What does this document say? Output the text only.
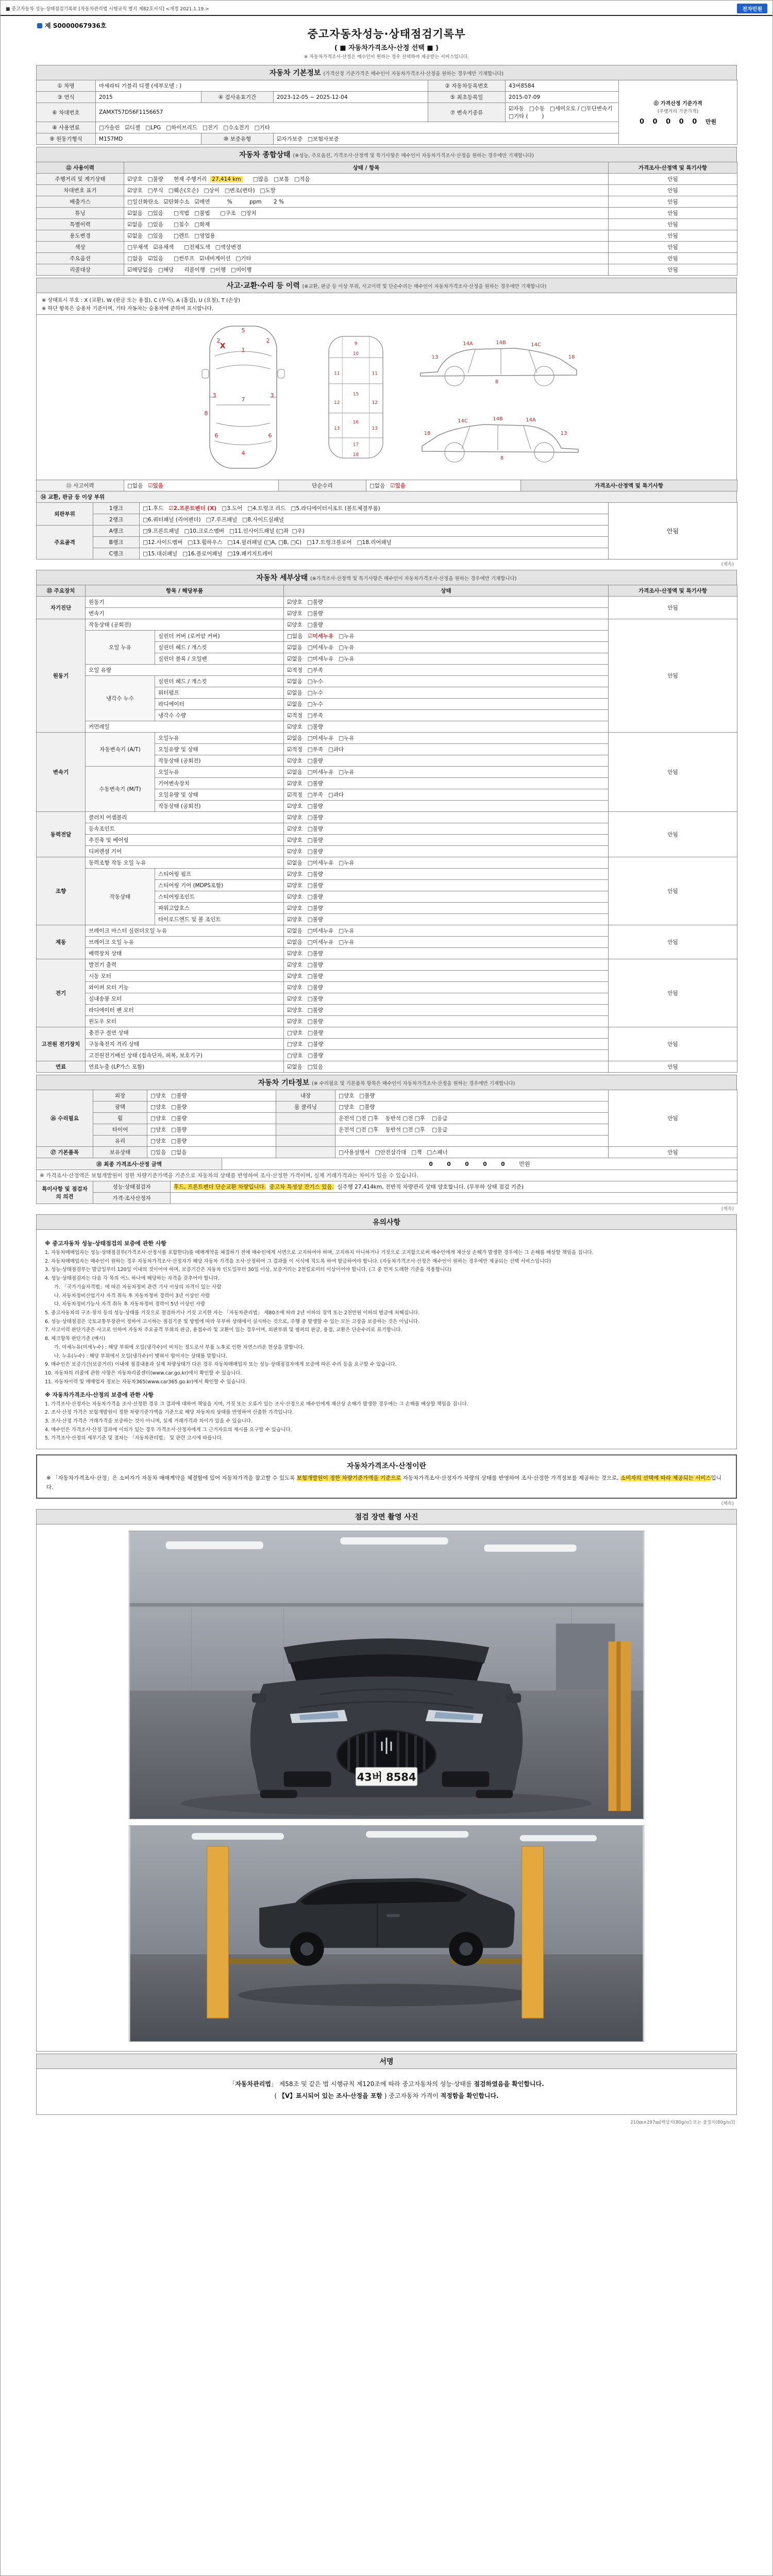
■ 중고자동차 성능·상태점검기록부 [자동차관리법 시행규칙 별지 제82호서식] <개정 2021.1.19.>	전자민원
제 S0000067936호
중고자동차성능·상태점검기록부
( ■ 자동차가격조사·산정 선택 ■ )
※ 자동차가격조사·산정은 매수인이 원하는 경우 선택하여 제공받는 서비스입니다.
자동차 기본정보 (가격산정 기준가격은 매수인이 자동차가격조사·산정을 원하는 경우에만 기재합니다)
① 차명	마세라티 기블리 디젤 (세부모델 : )			② 자동차등록번호	43버8584	⑪ 가격산정 기준가격
(주행거리 기준가격)
0 0 0 0 0 만원

③ 연식	2015	④ 검사유효기간	2023-12-05 ~ 2025-12-04	⑤ 최초등록일	2015-07-09	
⑥ 차대번호	ZAMXT57D56F1156657			⑦ 변속기종류	☑자동   □수동   □세미오토 / □무단변속기   □기타 (        )	
⑧ 사용연료	□가솔린   ☑디젤   □LPG   □하이브리드   □전기   □수소전기   □기타					
⑨ 원동기형식	M157MD	⑩ 보증유형	☑자가보증   □보험사보증			
자동차 종합상태 (※성능, 주요옵션, 가격조사·산정액 및 특기사항은 매수인이 자동차가격조사·산정을 원하는 경우에만 기재합니다)
⑫ 사용이력	상태 / 항목	가격조사·산정액 및 특기사항
주행거리 및 계기상태	☑양호   □불량      현재 주행거리   27,414 km       □많음   □보통   □적음	안됨
차대번호 표기	☑양호   □부식   □훼손(오손)   □상이   □변조(변타)   □도말	안됨
배출가스	□일산화탄소   ☑탄화수소   ☑매연          %          ppm       2 %	안됨
튜닝	☑없음   □있음      □적법   □불법      □구조   □장치	안됨
특별이력	☑없음   □있음      □침수   □화재	안됨
용도변경	☑없음   □있음      □렌트   □영업용	안됨
색상	□무채색   ☑유채색      □전체도색   □색상변경	안됨
주요옵션	□없음   ☑있음      □썬루프   ☑네비게이션   □기타	안됨
리콜대상	☑해당없음   □해당      리콜이행   □이행   □미이행	안됨
사고·교환·수리 등 이력 (※교환, 판금 등 이상 부위, 사고이력 및 단순수리는 매수인이 자동차가격조사·산정을 원하는 경우에만 기재합니다)
※ 상태표시 부호 : X (교환), W (판금 또는 용접), C (부식), A (흠집), U (요철), T (손상)
※ 하단 항목은 승용차 기준이며, 기타 자동차는 승용차에 준하여 표시합니다.
5
2	2
1
3	3
7
8
6	6
4
X	9
10
11	11
15
12	12
16
13	13
17
18
14A	14B	14C
8
18
13
14A
14B
14C
8
18	13
⑬ 사고이력	□없음   ☑있음	단순수리	□없음   ☑있음	가격조사·산정액 및 특기사항
⑭ 교환, 판금 등 이상 부위
외판부위	1랭크	□1.후드   ☑2.프론트펜더 (X)   □3.도어   □4.트렁크 리드   □5.라디에이터서포트 (볼트체결부품)	안됨
	2랭크	□6.쿼터패널 (리어펜더)   □7.루프패널   □8.사이드실패널	
주요골격	A랭크	□9.프론트패널   □10.크로스멤버   □11.인사이드패널 (□좌  □우)	
	B랭크	□12.사이드멤버   □13.휠하우스   □14.필러패널 (□A, □B, □C)   □17.트렁크플로어   □18.리어패널	
	C랭크	□15.대쉬패널   □16.플로어패널   □19.패키지트레이	
(계속)
자동차 세부상태 (※가격조사·산정액 및 특기사항은 매수인이 자동차가격조사·산정을 원하는 경우에만 기재합니다)
⑮ 주요장치	항목 / 해당부품		상태	가격조사·산정액 및 특기사항
자기진단	원동기		☑양호   □불량	안됨
	변속기		☑양호   □불량	
원동기	작동상태 (공회전)		☑양호   □불량	안됨
	오일 누유	실린더 커버 (로커암 커버)	□없음   ☑미세누유   □누유	
		실린더 헤드 / 개스킷	☑없음   □미세누유   □누유	
		실린더 블록 / 오일팬	☑없음   □미세누유   □누유	
	오일 유량		☑적정   □부족	
	냉각수 누수	실린더 헤드 / 개스킷	☑없음   □누수	
		워터펌프	☑없음   □누수	
		라디에이터	☑없음   □누수	
		냉각수 수량	☑적정   □부족	
	커먼레일		☑양호   □불량	
변속기	자동변속기 (A/T)	오일누유	☑없음   □미세누유   □누유	안됨
		오일유량 및 상태	☑적정   □부족   □과다	
		작동상태 (공회전)	☑양호   □불량	
	수동변속기 (M/T)	오일누유	☑없음   □미세누유   □누유	
		기어변속장치	☑양호   □불량	
		오일유량 및 상태	☑적정   □부족   □과다	
		작동상태 (공회전)	☑양호   □불량	
동력전달	클러치 어셈블리		☑양호   □불량	안됨
	등속조인트		☑양호   □불량	
	추진축 및 베어링		☑양호   □불량	
	디퍼렌셜 기어		☑양호   □불량	
조향	동력조향 작동 오일 누유		☑없음   □미세누유   □누유	안됨
	작동상태	스티어링 펌프	☑양호   □불량	
		스티어링 기어 (MDPS포함)	☑양호   □불량	
		스티어링조인트	☑양호   □불량	
		파워고압호스	☑양호   □불량	
		타이로드엔드 및 볼 조인트	☑양호   □불량	
제동	브레이크 마스터 실린더오일 누유		☑없음   □미세누유   □누유	안됨
	브레이크 오일 누유		☑없음   □미세누유   □누유	
	배력장치 상태		☑양호   □불량	
전기	발전기 출력		☑양호   □불량	안됨
	시동 모터		☑양호   □불량	
	와이퍼 모터 기능		☑양호   □불량	
	실내송풍 모터		☑양호   □불량	
	라디에이터 팬 모터		☑양호   □불량	
	윈도우 모터		☑양호   □불량	
고전원 전기장치	충전구 절연 상태		□양호   □불량	안됨
	구동축전지 격리 상태		□양호   □불량	
	고전원전기배선 상태 (접속단자, 피복, 보호기구)		□양호   □불량	
연료	연료누출 (LP가스 포함)		☑없음   □있음	안됨
자동차 기타정보 (※ 수리필요 및 기본품목 항목은 매수인이 자동차가격조사·산정을 원하는 경우에만 기재합니다)
⑯ 수리필요	외장	□양호   □불량	내장	□양호   □불량	안됨
	광택	□양호   □불량	룸 클리닝	□양호   □불량	
	휠	□양호   □불량		운전석 □전 □후    동반석 □전 □후    □응급	
	타이어	□양호   □불량		운전석 □전 □후    동반석 □전 □후    □응급	
	유리	□양호   □불량			
⑰ 기본품목	보유상태	□있음   □없음		□사용설명서   □안전삼각대   □잭   □스패너	안됨
⑱ 최종 가격조사·산정 금액	0 0 0 0 0 만원
※ 가격조사·산정액은 보험개발원이 정한 차량기준가액을 기준으로 자동차의 상태를 반영하여 조사·산정한 가격이며, 실제 거래가격과는 차이가 있을 수 있습니다.
특이사항 및 점검자의 의견	성능·상태점검자	후드, 프론트펜더 단순교환 차량입니다. 중고차 특성상 잔기스 있음.  실주행 27,414km, 전반적 차량관리 상태 양호합니다. (무부하 상태 점검 기준)
	가격·조사산정자	
(계속)
유의사항
※ 중고자동차 성능·상태점검의 보증에 관한 사항
1. 자동차매매업자는 성능·상태점검부(가격조사·산정서를 포함한다)를 매매계약을 체결하기 전에 매수인에게 서면으로 고지하여야 하며, 고지하지 아니하거나 거짓으로 고지함으로써 매수인에게 재산상 손해가 발생한 경우에는 그 손해를 배상할 책임을 집니다.
2. 자동차매매업자는 매수인이 원하는 경우 자동차가격조사·산정자가 해당 자동차 가격을 조사·산정하여 그 결과를 이 서식에 적도록 하여 발급하여야 합니다. (자동차가격조사·산정은 매수인이 원하는 경우에만 제공되는 선택 서비스입니다)
3. 성능·상태점검부는 발급일부터 120일 이내의 것이어야 하며, 보증기간은 자동차 인도일부터 30일 이상, 보증거리는 2천킬로미터 이상이어야 합니다. (그 중 먼저 도래한 기준을 적용합니다)
4. 성능·상태점검자는 다음 각 목의 어느 하나에 해당하는 자격을 갖추어야 합니다.
가. 「국가기술자격법」에 따른 자동차정비 관련 기사 이상의 자격이 있는 사람
나. 자동차정비산업기사 자격 취득 후 자동차정비 경력이 3년 이상인 사람
다. 자동차정비기능사 자격 취득 후 자동차정비 경력이 5년 이상인 사람
5. 중고자동차의 구조·장치 등의 성능·상태를 거짓으로 점검하거나 거짓 고지한 자는 「자동차관리법」 제80조에 따라 2년 이하의 징역 또는 2천만원 이하의 벌금에 처해집니다.
6. 성능·상태점검은 국토교통부장관이 정하여 고시하는 점검기준 및 방법에 따라 무부하 상태에서 실시하는 것으로, 주행 중 발생할 수 있는 모든 고장을 보증하는 것은 아닙니다.
7. 사고이력 판단기준은 사고로 인하여 자동차 주요골격 부위의 판금, 용접수리 및 교환이 있는 경우이며, 외판부위 및 범퍼의 판금, 용접, 교환은 단순수리로 표기합니다.
8. 체크항목 판단기준 (예시)
가. 미세누유(미세누수) : 해당 부위에 오일(냉각수)이 비치는 정도로서 부품 노후로 인한 자연스러운 현상을 말합니다.
나. 누유(누수) : 해당 부위에서 오일(냉각수)이 맺혀서 떨어지는 상태를 말합니다.
9. 매수인은 보증기간(보증거리) 이내에 점검내용과 실제 차량상태가 다른 경우 자동차매매업자 또는 성능·상태점검자에게 보증에 따른 수리 등을 요구할 수 있습니다.
10. 자동차의 리콜에 관한 사항은 자동차리콜센터(www.car.go.kr)에서 확인할 수 있습니다.
11. 자동차이력 및 매매업자 정보는 자동차365(www.car365.go.kr)에서 확인할 수 있습니다.
※ 자동차가격조사·산정의 보증에 관한 사항
1. 가격조사·산정자는 자동차가격을 조사·산정한 경우 그 결과에 대하여 책임을 지며, 거짓 또는 오류가 있는 조사·산정으로 매수인에게 재산상 손해가 발생한 경우에는 그 손해를 배상할 책임을 집니다.
2. 조사·산정 가격은 보험개발원이 정한 차량기준가액을 기준으로 해당 자동차의 상태를 반영하여 산출한 가격입니다.
3. 조사·산정 가격은 거래가격을 보증하는 것이 아니며, 실제 거래가격과 차이가 있을 수 있습니다.
4. 매수인은 가격조사·산정 결과에 이의가 있는 경우 가격조사·산정자에게 그 근거자료의 제시를 요구할 수 있습니다.
5. 가격조사·산정의 세부기준 및 절차는 「자동차관리법」 및 관련 고시에 따릅니다.
자동차가격조사·산정이란
※ 「자동차가격조사·산정」은 소비자가 자동차 매매계약을 체결함에 있어 자동차가격을 참고할 수 있도록 보험개발원이 정한 차량기준가액을 기준으로 자동차가격조사·산정자가 차량의 상태를 반영하여 조사·산정한 가격정보를 제공하는 것으로, 소비자의 선택에 따라 제공되는 서비스입니다.
(계속)
점검 장면 촬영 사진
43버 8584
서명
「자동차관리법」 제58조 및 같은 법 시행규칙 제120조에 따라 중고자동차의 성능·상태를 점검하였음을 확인합니다.
( 【V】표시되어 있는 조사·산정을 포함 ) 중고자동차 가격이 적정함을 확인합니다.
210㎜×297㎜[백상지(80g/㎡) 또는 중질지(80g/㎡)]
